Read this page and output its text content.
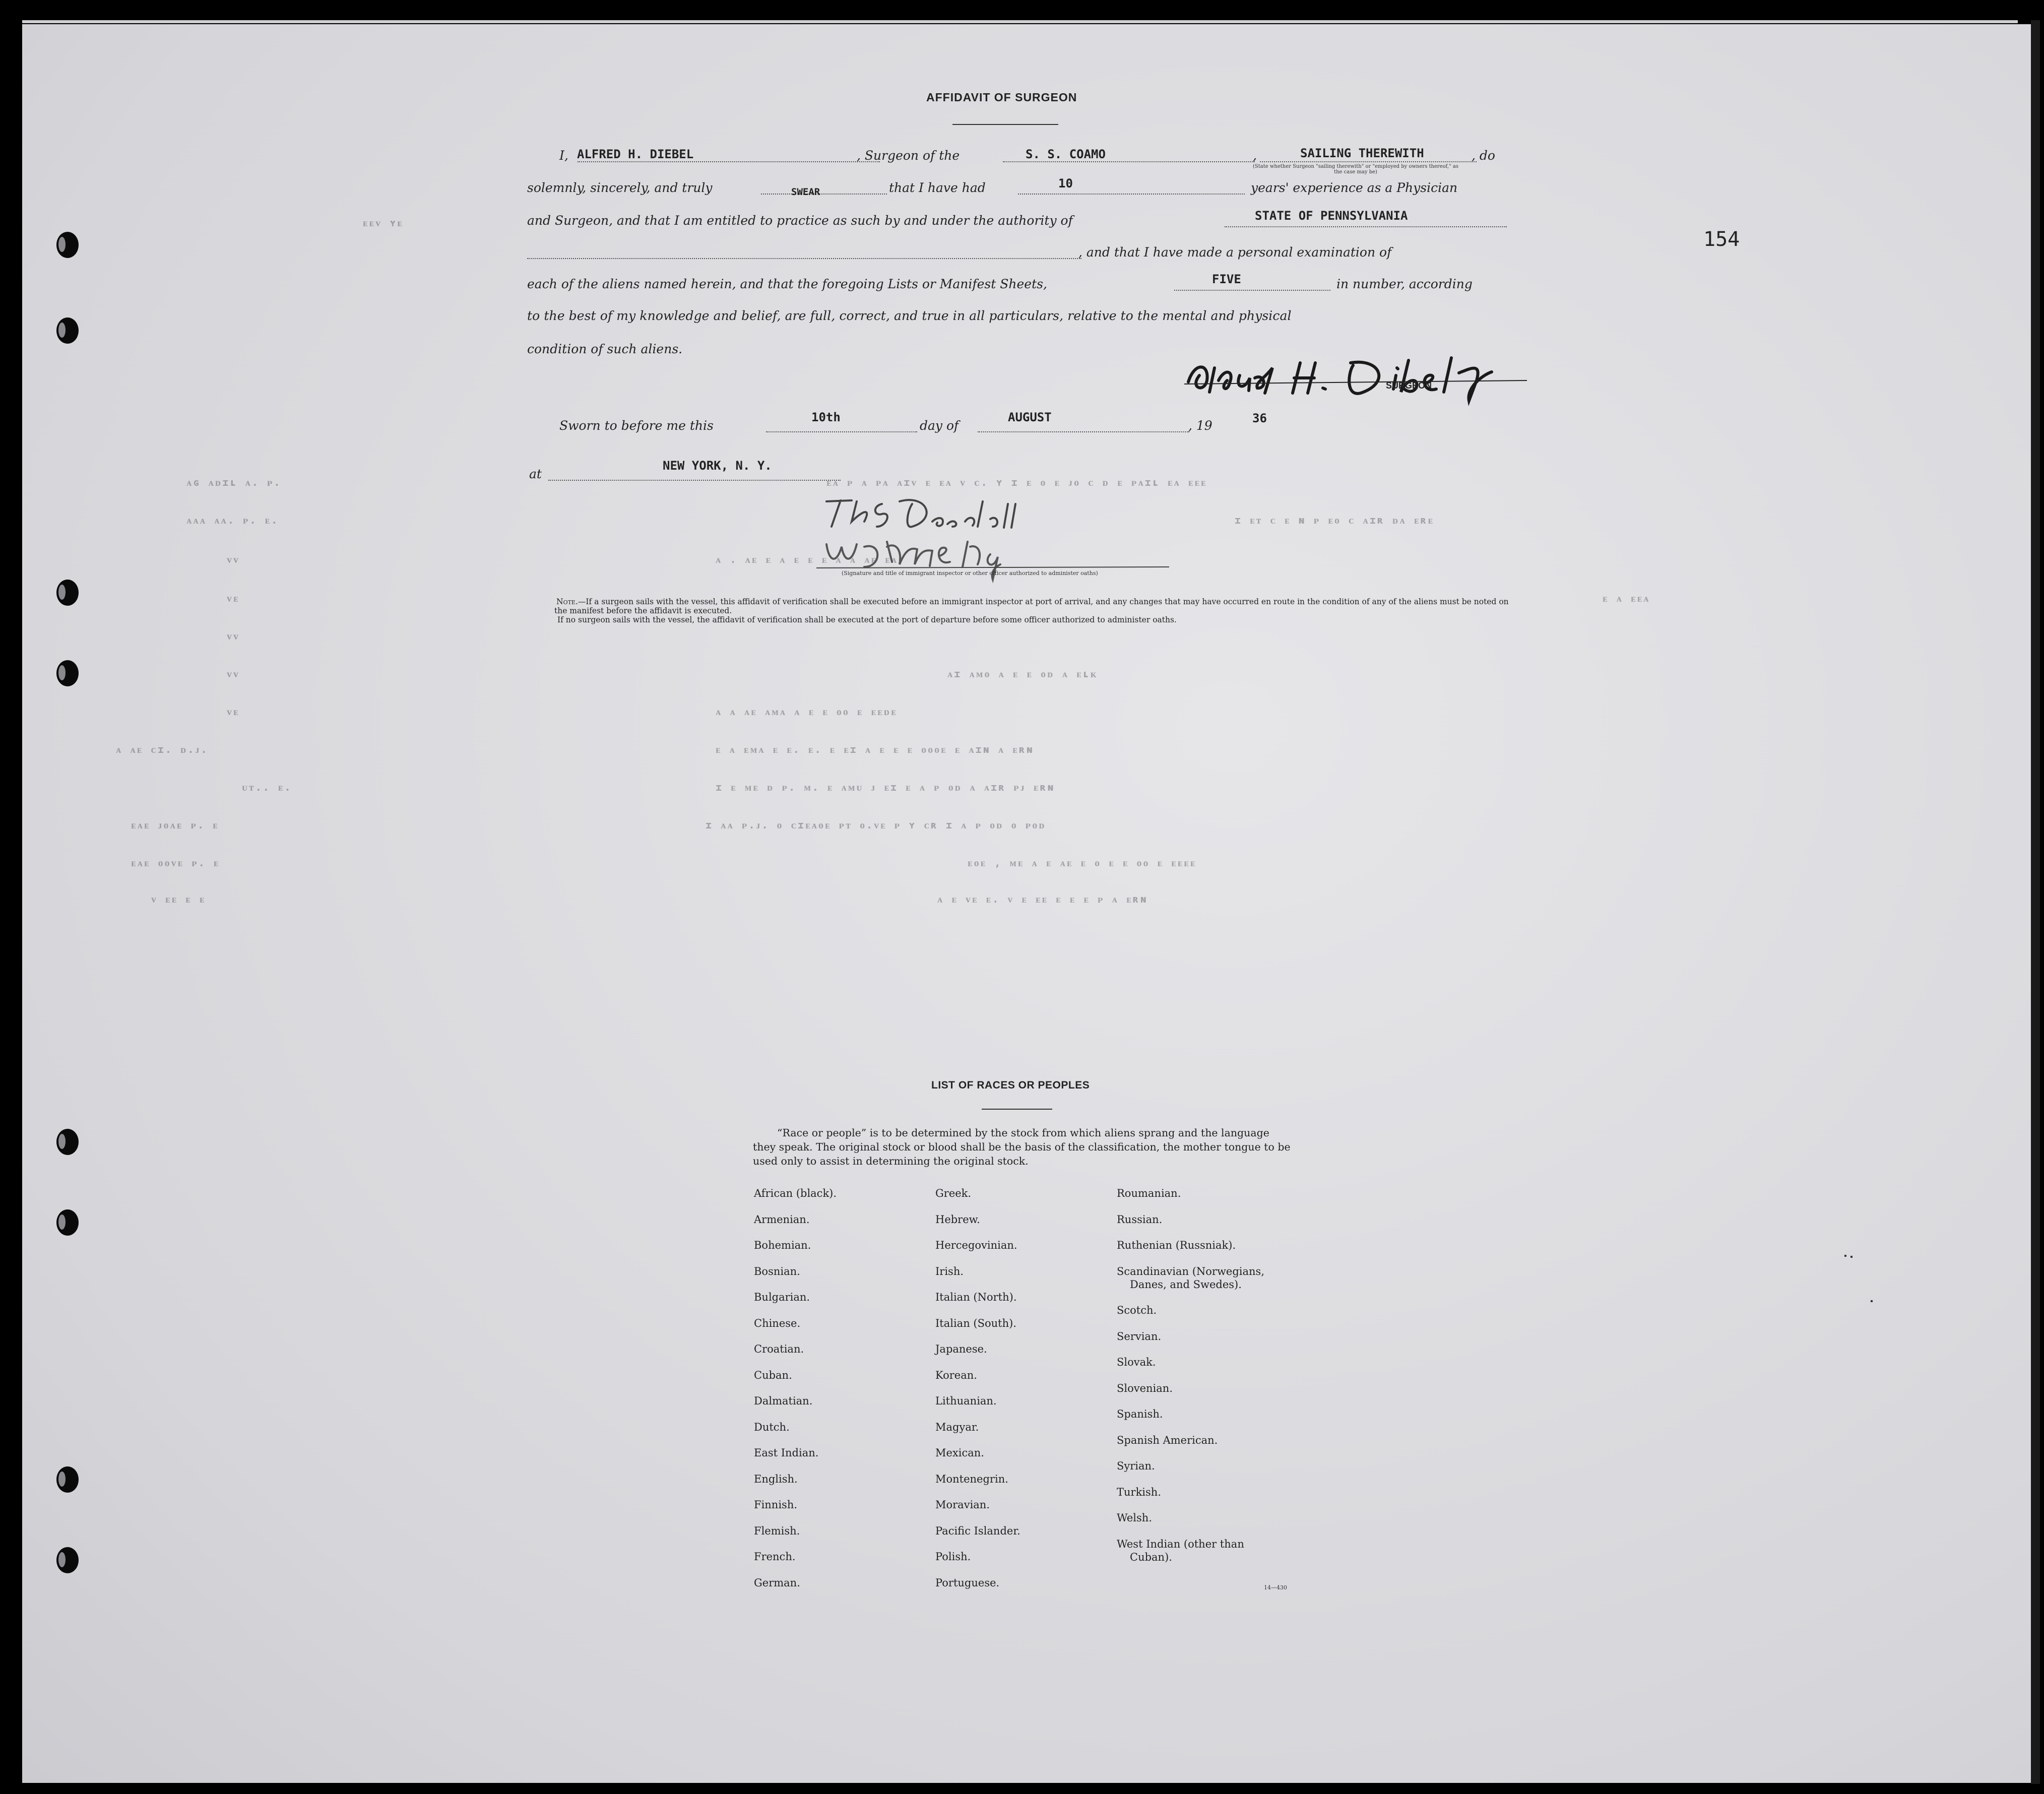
ᴇᴇᴠ ʏᴇ
ᴀɢ ᴀᴅɪʟ ᴀ. ᴘ.
ᴀᴀᴀ ᴀᴀ. ᴘ. ᴇ.
ᴠᴠ
ᴠᴇ
ᴠᴠ
ᴠᴠ
ᴠᴇ
ᴀ ᴀᴇ ᴄɪ. ᴅ.ᴊ.
ᴜᴛ.. ᴇ.
ᴇᴀᴇ ᴊᴏᴀᴇ ᴘ. ᴇ
ᴇᴀᴇ ᴏᴏᴠᴇ ᴘ. ᴇ
ᴠ ᴇᴇ ᴇ ᴇ
ᴇᴀ ᴘ ᴀ ᴘᴀ ᴀɪᴠ ᴇ ᴇᴀ ᴠ ᴄ. ʏ ɪ ᴇ ᴏ ᴇ ᴊᴏ ᴄ ᴅ ᴇ ᴘᴀɪʟ ᴇᴀ ᴇᴇᴇ
ɪ ᴇᴛ ᴄ ᴇ ɴ ᴘ ᴇᴏ ᴄ ᴀɪʀ ᴅᴀ ᴇʀᴇ
ᴀ . ᴀᴇ ᴇ ᴀ ᴇ ᴇ ᴇ ᴀ ᴀ ᴀᴇ ᴇᴀ
ᴇ ᴀ ᴇᴇᴀ
ᴀɪ ᴀᴍᴏ ᴀ ᴇ ᴇ ᴏᴅ ᴀ ᴇʟᴋ
ᴀ ᴀ ᴀᴇ ᴀᴍᴀ ᴀ ᴇ ᴇ ᴏᴏ ᴇ ᴇᴇᴅᴇ
ᴇ ᴀ ᴇᴍᴀ ᴇ ᴇ. ᴇ. ᴇ ᴇɪ ᴀ ᴇ ᴇ ᴇ ᴏᴏᴏᴇ ᴇ ᴀɪɴ ᴀ ᴇʀɴ
ɪ ᴇ ᴍᴇ ᴅ ᴘ. ᴍ. ᴇ ᴀᴍᴜ ᴊ ᴇɪ ᴇ ᴀ ᴘ ᴏᴅ ᴀ ᴀɪʀ ᴘᴊ ᴇʀɴ
ɪ ᴀᴀ ᴘ.ᴊ. ᴏ ᴄɪᴇᴀᴏᴇ ᴘᴛ ᴏ.ᴠᴇ ᴘ ʏ ᴄʀ ɪ ᴀ ᴘ ᴏᴅ ᴏ ᴘᴏᴅ
ᴇᴏᴇ , ᴍᴇ ᴀ ᴇ ᴀᴇ ᴇ ᴏ ᴇ ᴇ ᴏᴏ ᴇ ᴇᴇᴇᴇ
ᴀ ᴇ ᴠᴇ ᴇ. ᴠ ᴇ ᴇᴇ ᴇ ᴇ ᴇ ᴘ ᴀ ᴇʀɴ
154
AFFIDAVIT OF SURGEON
I, ALFRED H. DIEBEL	, Surgeon of the	S. S. COAMO	,	SAILING THEREWITH	, do
(State whether Surgeon "sailing therewith" or "employed by owners thereof," as the case may be)
solemnly, sincerely, and truly	SWEAR	that I have had	10	years' experience as a Physician
and Surgeon, and that I am entitled to practice as such by and under the authority of	STATE OF PENNSYLVANIA
, and that I have made a personal examination of
each of the aliens named herein, and that the foregoing Lists or Manifest Sheets,	FIVE	in number, according
to the best of my knowledge and belief, are full, correct, and true in all particulars, relative to the mental and physical
condition of such aliens.
SURGEON
Sworn to before me this
10th
day of
AUGUST
, 19	36
at
NEW YORK, N. Y.
(Signature and title of immigrant inspector or other officer authorized to administer oaths)
Note.—If a surgeon sails with the vessel, this affidavit of verification shall be executed before an immigrant inspector at port of arrival, and any changes that may have occurred en route in the condition of any of the aliens must be noted on the manifest before the affidavit is executed.
If no surgeon sails with the vessel, the affidavit of verification shall be executed at the port of departure before some officer authorized to administer oaths.
LIST OF RACES OR PEOPLES
“Race or people” is to be determined by the stock from which aliens sprang and the language they speak. The original stock or blood shall be the basis of the classification, the mother tongue to be used only to assist in determining the original stock.
African (black).
Armenian.
Bohemian.
Bosnian.
Bulgarian.
Chinese.
Croatian.
Cuban.
Dalmatian.
Dutch.
East Indian.
English.
Finnish.
Flemish.
French.
German.
Greek.
Hebrew.
Hercegovinian.
Irish.
Italian (North).
Italian (South).
Japanese.
Korean.
Lithuanian.
Magyar.
Mexican.
Montenegrin.
Moravian.
Pacific Islander.
Polish.
Portuguese.
Roumanian.
Russian.
Ruthenian (Russniak).
Scandinavian (Norwegians,
Danes, and Swedes).
Scotch.
Servian.
Slovak.
Slovenian.
Spanish.
Spanish American.
Syrian.
Turkish.
Welsh.
West Indian (other than
Cuban).
14—430
